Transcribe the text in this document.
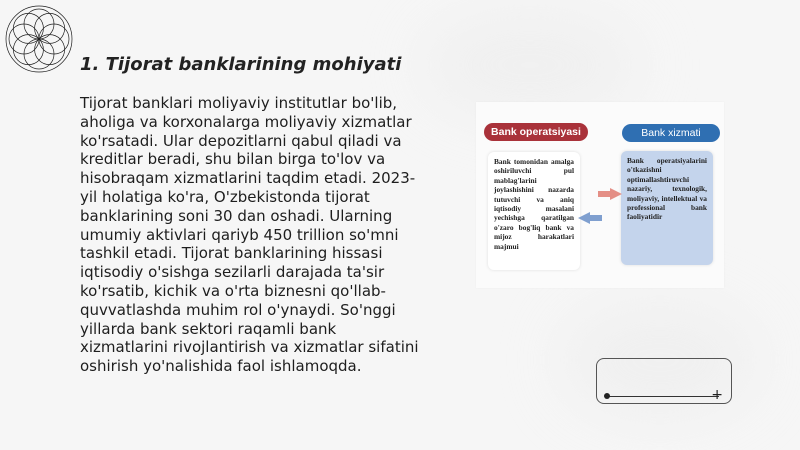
1. Tijorat banklarining mohiyati
Tijorat banklari moliyaviy institutlar bo'lib, aholiga va korxonalarga moliyaviy xizmatlar ko'rsatadi. Ular depozitlarni qabul qiladi va kreditlar beradi, shu bilan birga to'lov va hisobraqam xizmatlarini taqdim etadi. 2023-yil holatiga ko'ra, O'zbekistonda tijorat banklarining soni 30 dan oshadi. Ularning umumiy aktivlari qariyb 450 trillion so'mni tashkil etadi. Tijorat banklarining hissasi iqtisodiy o'sishga sezilarli darajada ta'sir ko'rsatib, kichik va o'rta biznesni qo'llab-quvvatlashda muhim rol o'ynaydi. So'nggi yillarda bank sektori raqamli bank xizmatlarini rivojlantirish va xizmatlar sifatini oshirish yo'nalishida faol ishlamoqda.
Bank operatsiyasi	Bank xizmati
Bank tomonidan amalga oshiriluvchi pul mablag'larini joylashishini nazarda tutuvchi va aniq iqtisodiy masalani yechishga qaratilgan o'zaro bog'liq bank va mijoz harakatlari majmui
Bank operatsiyalarini o'tkazishni optimallashtiruvchi nazariy, texnologik, moliyaviy, intellektual va professional bank faoliyatidir
+
